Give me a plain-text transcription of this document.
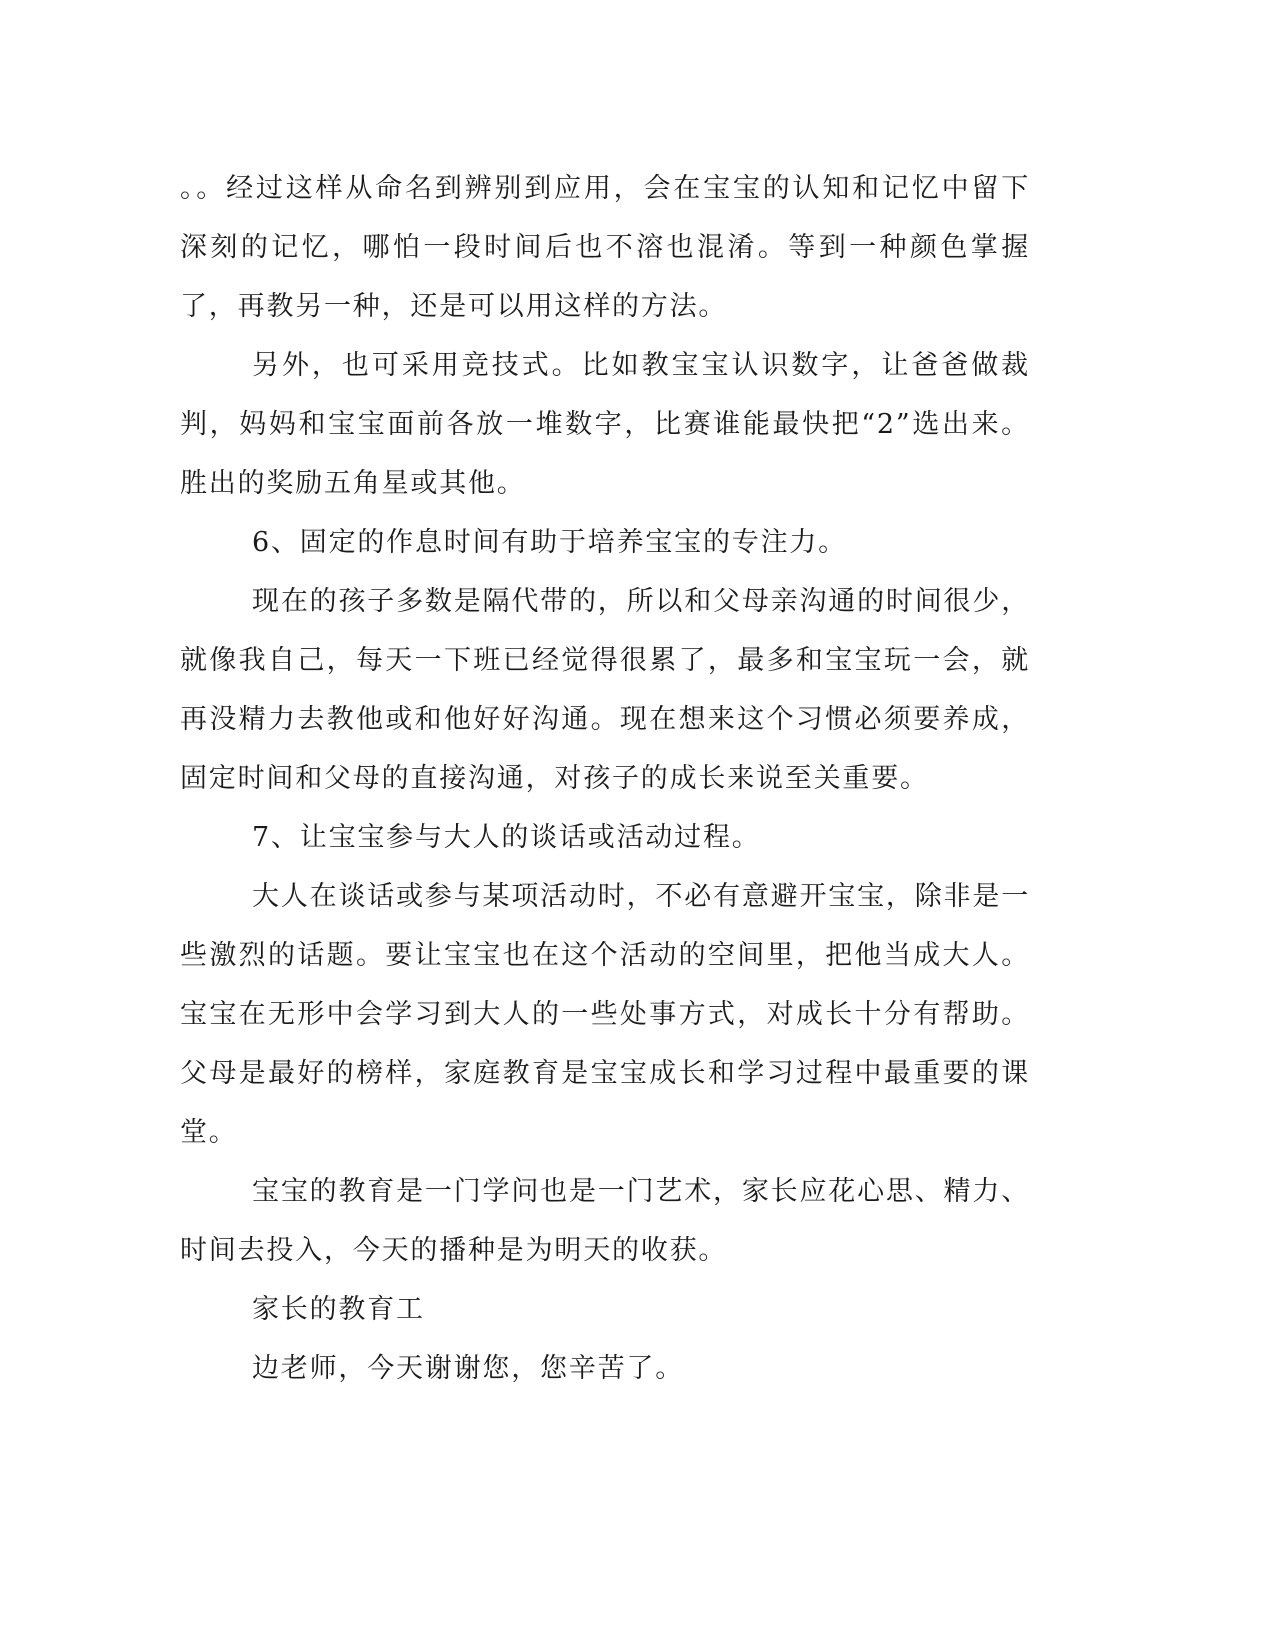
。。经过这样从命名到辨别到应用，会在宝宝的认知和记忆中留下深刻的记忆，哪怕一段时间后也不溶也混淆。等到一种颜色掌握了，再教另一种，还是可以用这样的方法。

另外，也可采用竞技式。比如教宝宝认识数字，让爸爸做裁判，妈妈和宝宝面前各放一堆数字，比赛谁能最快把“2”选出来。胜出的奖励五角星或其他。

6、固定的作息时间有助于培养宝宝的专注力。

现在的孩子多数是隔代带的，所以和父母亲沟通的时间很少，就像我自己，每天一下班已经觉得很累了，最多和宝宝玩一会，就再没精力去教他或和他好好沟通。现在想来这个习惯必须要养成，固定时间和父母的直接沟通，对孩子的成长来说至关重要。

7、让宝宝参与大人的谈话或活动过程。

大人在谈话或参与某项活动时，不必有意避开宝宝，除非是一些激烈的话题。要让宝宝也在这个活动的空间里，把他当成大人。宝宝在无形中会学习到大人的一些处事方式，对成长十分有帮助。父母是最好的榜样，家庭教育是宝宝成长和学习过程中最重要的课堂。

宝宝的教育是一门学问也是一门艺术，家长应花心思、精力、时间去投入，今天的播种是为明天的收获。

家长的教育工

边老师，今天谢谢您，您辛苦了。
